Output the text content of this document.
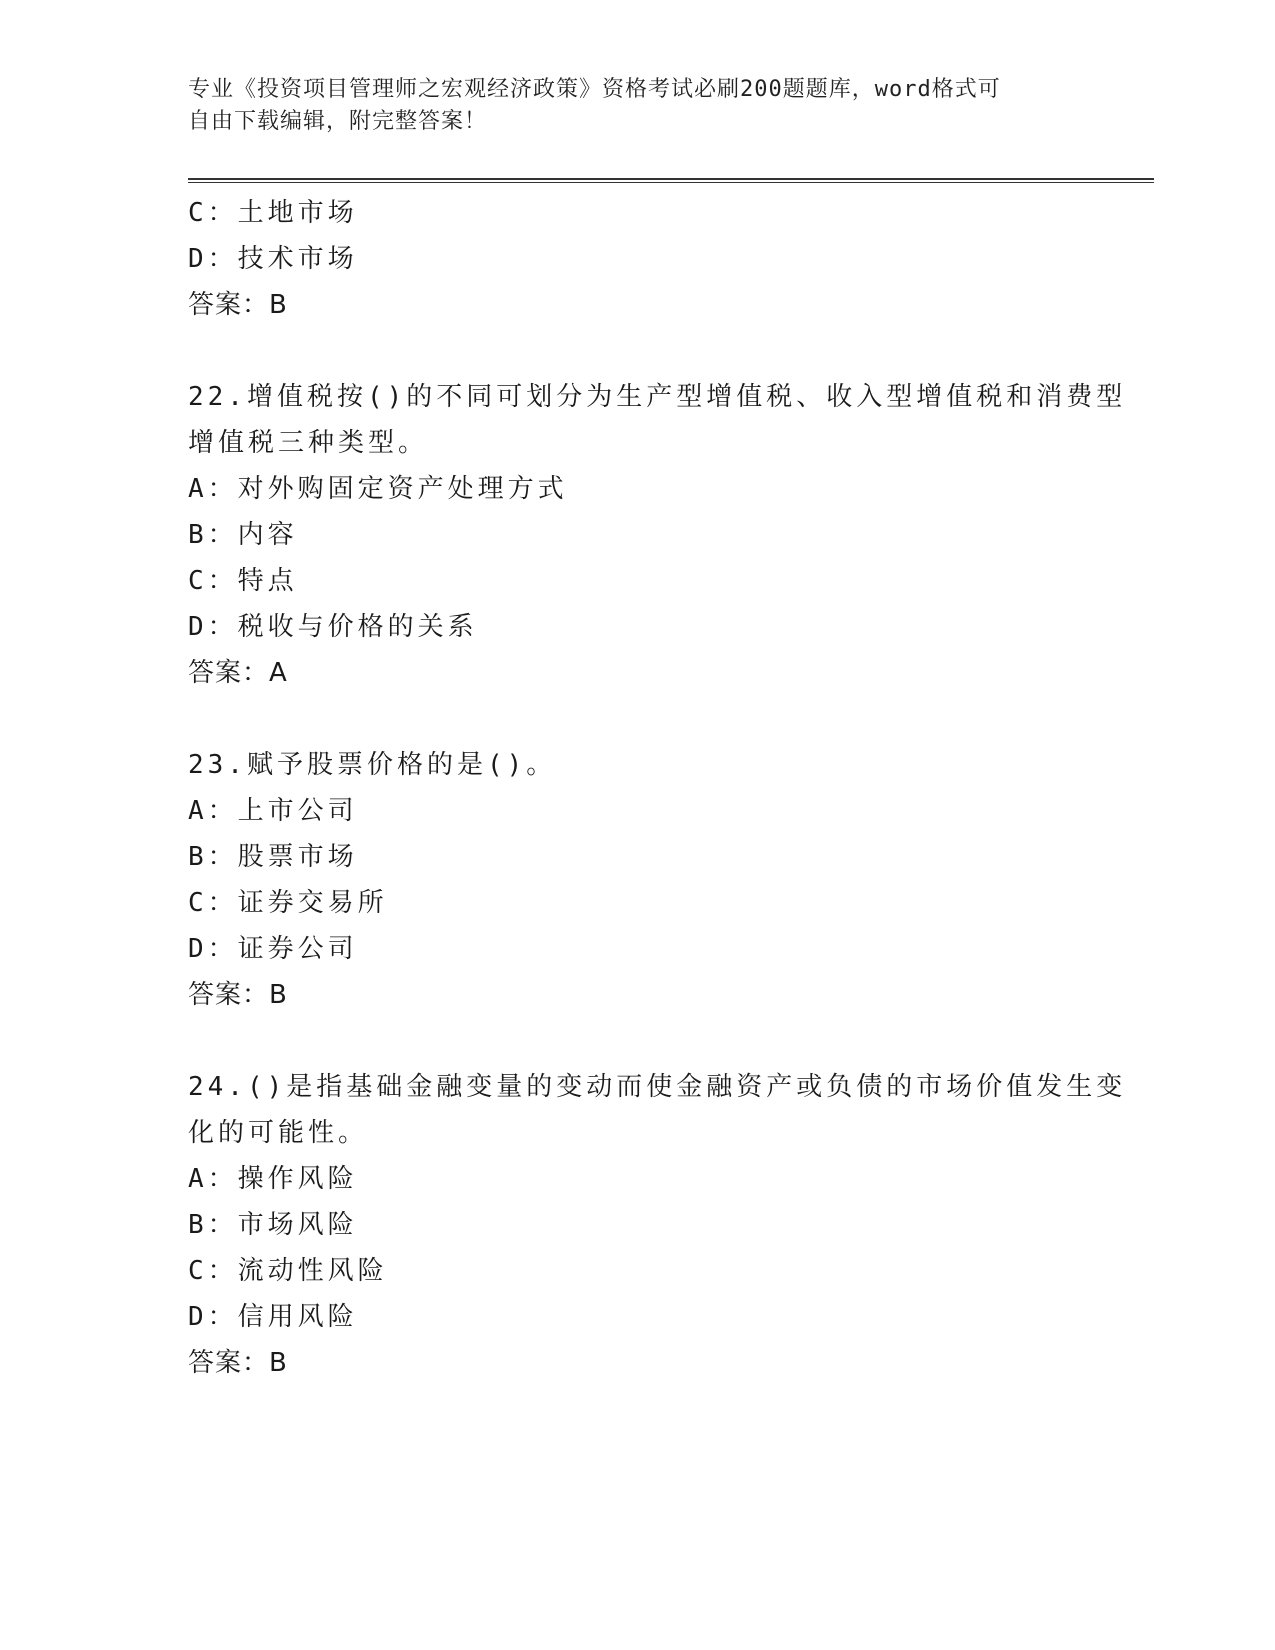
专业《投资项目管理师之宏观经济政策》资格考试必刷200题题库，word格式可
自由下载编辑，附完整答案！
C：土地市场
D：技术市场
答案：B
22.增值税按()的不同可划分为生产型增值税、收入型增值税和消费型
增值税三种类型。
A：对外购固定资产处理方式
B：内容
C：特点
D：税收与价格的关系
答案：A
23.赋予股票价格的是()。
A：上市公司
B：股票市场
C：证券交易所
D：证券公司
答案：B
24.()是指基础金融变量的变动而使金融资产或负债的市场价值发生变
化的可能性。
A：操作风险
B：市场风险
C：流动性风险
D：信用风险
答案：B
